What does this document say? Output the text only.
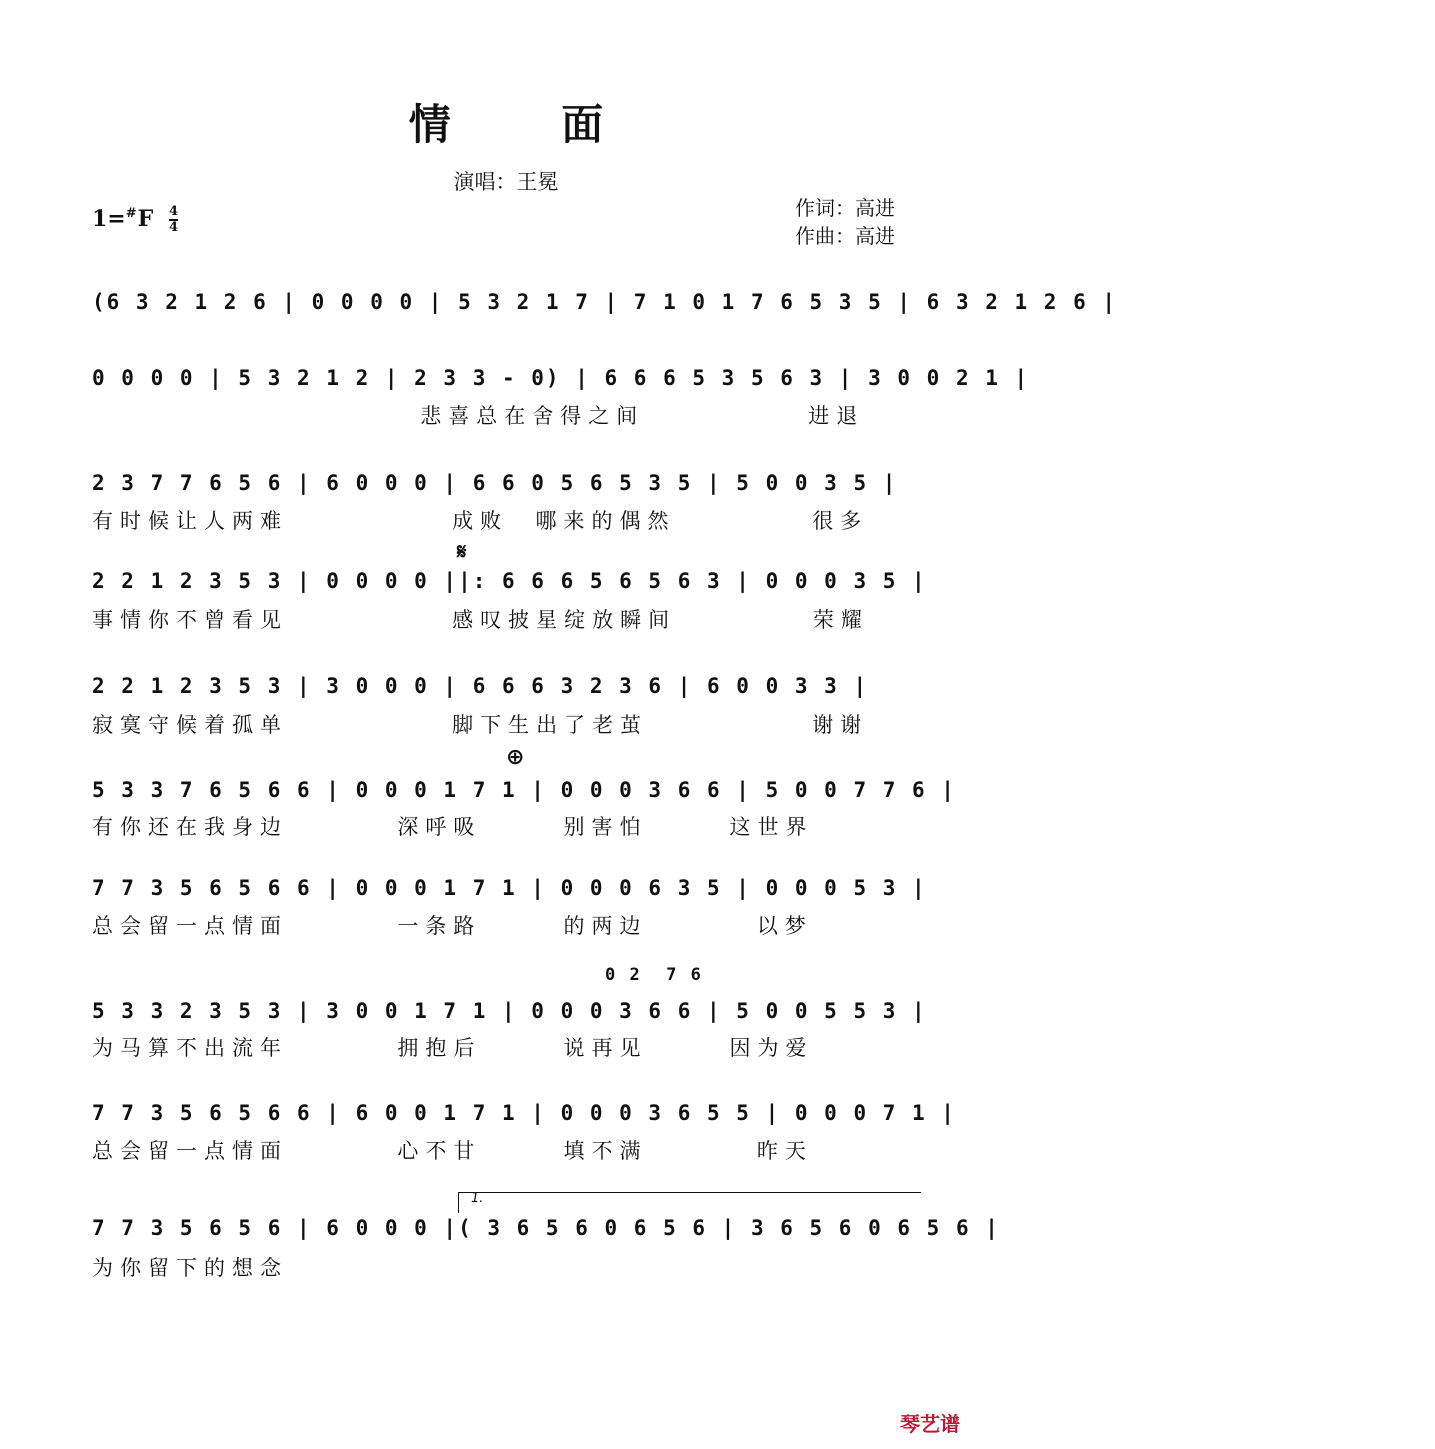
情 面
演唱：王冕
$1=^{\#}F \frac{4}{4}$	作词：高进
作曲：高进
(6 3 2 1 2 6 | 0 0 0 0 | 5 3 2 1 7 | 7 1 0 1 7 6 5 3 5 | 6 3 2 1 2 6 |
0 0 0 0 | 5 3 2 1 2 | 2 3 3 - 0) | 6 6 6 5 3 5 6 3 | 3 0 0 2 1 |
悲喜总在舍得之间            进退
2 3 7 7 6 5 6 | 6 0 0 0 | 6 6 0 5 6 5 3 5 | 5 0 0 3 5 |
有时候让人两难            成败  哪来的偶然          很多
𝄋
2 2 1 2 3 5 3 | 0 0 0 0 ||: 6 6 6 5 6 5 6 3 | 0 0 0 3 5 |
事情你不曾看见            感叹披星绽放瞬间          荣耀
2 2 1 2 3 5 3 | 3 0 0 0 | 6 6 6 3 2 3 6 | 6 0 0 3 3 |
寂寞守候着孤单            脚下生出了老茧            谢谢
⊕
5 3 3 7 6 5 6 6 | 0 0 0 1 7 1 | 0 0 0 3 6 6 | 5 0 0 7 7 6 |
有你还在我身边        深呼吸      别害怕      这世界
7 7 3 5 6 5 6 6 | 0 0 0 1 7 1 | 0 0 0 6 3 5 | 0 0 0 5 3 |
总会留一点情面        一条路      的两边        以梦
0 2  7 6
5 3 3 2 3 5 3 | 3 0 0 1 7 1 | 0 0 0 3 6 6 | 5 0 0 5 5 3 |
为马算不出流年        拥抱后      说再见      因为爱
7 7 3 5 6 5 6 6 | 6 0 0 1 7 1 | 0 0 0 3 6 5 5 | 0 0 0 7 1 |
总会留一点情面        心不甘      填不满        昨天
1.
7 7 3 5 6 5 6 | 6 0 0 0 |( 3 6 5 6 0 6 5 6 | 3 6 5 6 0 6 5 6 |
为你留下的想念
琴艺谱
